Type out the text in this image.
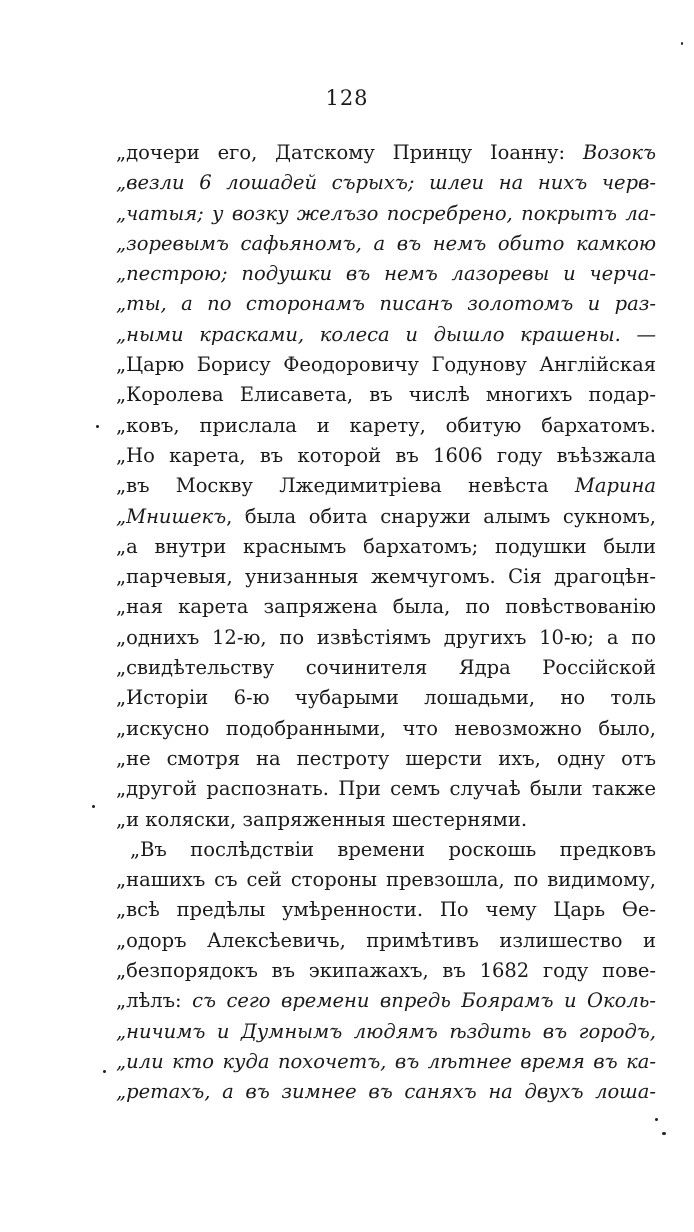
128
„дочери его, Датскому Принцу Іоанну: Возокъ
„везли 6 лошадей сърыхъ; шлеи на нихъ черв-
„чатыя; у возку желъзо посребрено, покрытъ ла-
„зоревымъ сафьяномъ, а въ немъ обито камкою
„пестрою; подушки въ немъ лазоревы и черча-
„ты, а по сторонамъ писанъ золотомъ и раз-
„ными красками, колеса и дышло крашены. —
„Царю Борису Феодоровичу Годунову Англійская
„Королева Елисавета, въ числѣ многихъ подар-
„ковъ, прислала и карету, обитую бархатомъ.
„Но карета, въ которой въ 1606 году въѣзжала
„въ Москву Лжедимитріева невѣста Марина
„Мнишекъ, была обита снаружи алымъ сукномъ,
„а внутри краснымъ бархатомъ; подушки были
„парчевыя, унизанныя жемчугомъ. Сія драгоцѣн-
„ная карета запряжена была, по повѣствованію
„однихъ 12-ю, по извѣстіямъ другихъ 10-ю; а по
„свидѣтельству сочинителя Ядра Россійской
„Исторіи 6-ю чубарыми лошадьми, но толь
„искусно подобранными, что невозможно было,
„не смотря на пестроту шерсти ихъ, одну отъ
„другой распознать. При семъ случаѣ были также
„и коляски, запряженныя шестернями.
„Въ послѣдствіи времени роскошь предковъ
„нашихъ съ сей стороны превзошла, по видимому,
„всѣ предѣлы умѣренности. По чему Царь Ѳе-
„одоръ Алексѣевичь, примѣтивъ излишество и
„безпорядокъ въ экипажахъ, въ 1682 году пове-
„лѣлъ: съ сего времени впредь Боярамъ и Околь-
„ничимъ и Думнымъ людямъ ѣздить въ городъ,
„или кто куда похочетъ, въ лѣтнее время въ ка-
„ретахъ, а въ зимнее въ саняхъ на двухъ лоша-
